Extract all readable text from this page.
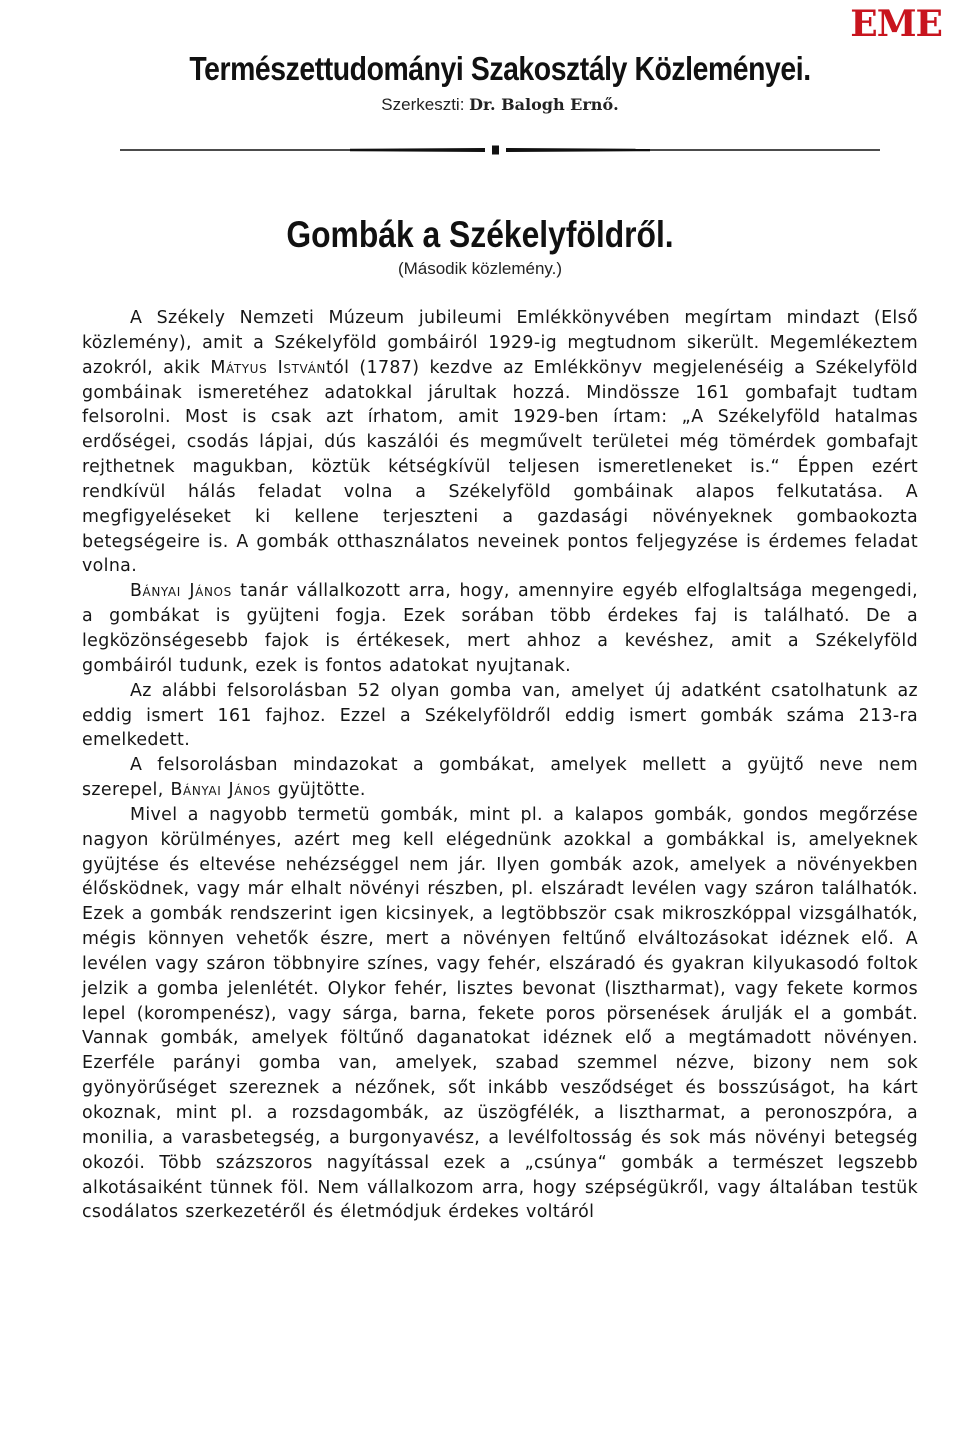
EME
Természettudományi Szakosztály Közleményei.
Szerkeszti: Dr. Balogh Ernő.
Gombák a Székelyföldről.
(Második közlemény.)

A Székely Nemzeti Múzeum jubileumi Emlékkönyvében megírtam mindazt (Első közlemény), amit a Székelyföld gombáiról 1929-ig megtudnom sikerült. Megemlékeztem azokról, akik Mátyus Istvántól (1787) kezdve az Emlékkönyv megjelenéséig a Székelyföld gombáinak ismeretéhez adatokkal járultak hozzá. Mindössze 161 gombafajt tudtam felsorolni. Most is csak azt írhatom, amit 1929-ben írtam: „A Székelyföld hatalmas erdőségei, csodás lápjai, dús kaszálói és megművelt területei még tömérdek gombafajt rejthetnek magukban, köztük kétségkívül teljesen ismeretleneket is.“ Éppen ezért rendkívül hálás feladat volna a Székelyföld gombáinak alapos felkutatása. A megfigyeléseket ki kellene terjeszteni a gazdasági növényeknek gombaokozta betegségeire is. A gombák otthasználatos neveinek pontos feljegyzése is érdemes feladat volna.

Bányai János tanár vállalkozott arra, hogy, amennyire egyéb elfoglaltsága megengedi, a gombákat is gyüjteni fogja. Ezek sorában több érdekes faj is található. De a legközönségesebb fajok is értékesek, mert ahhoz a kevéshez, amit a Székelyföld gombáiról tudunk, ezek is fontos adatokat nyujtanak.

Az alábbi felsorolásban 52 olyan gomba van, amelyet új adatként csatolhatunk az eddig ismert 161 fajhoz. Ezzel a Székelyföldről eddig ismert gombák száma 213-ra emelkedett.

A felsorolásban mindazokat a gombákat, amelyek mellett a gyüjtő neve nem szerepel, Bányai János gyüjtötte.

Mivel a nagyobb termetü gombák, mint pl. a kalapos gombák, gondos megőrzése nagyon körülményes, azért meg kell elégednünk azokkal a gombákkal is, amelyeknek gyüjtése és eltevése nehézséggel nem jár. Ilyen gombák azok, amelyek a növényekben élősködnek, vagy már elhalt növényi részben, pl. elszáradt levélen vagy száron találhatók. Ezek a gombák rendszerint igen kicsinyek, a legtöbbször csak mikroszkóppal vizsgálhatók, mégis könnyen vehetők észre, mert a növényen feltűnő elváltozásokat idéznek elő. A levélen vagy száron többnyire színes, vagy fehér, elszáradó és gyakran kilyukasodó foltok jelzik a gomba jelenlétét. Olykor fehér, lisztes bevonat (lisztharmat), vagy fekete kormos lepel (korompenész), vagy sárga, barna, fekete poros pörsenések árulják el a gombát. Vannak gombák, amelyek föltűnő daganatokat idéznek elő a megtámadott növényen. Ezerféle parányi gomba van, amelyek, szabad szemmel nézve, bizony nem sok gyönyörűséget szereznek a nézőnek, sőt inkább vesződséget és bosszúságot, ha kárt okoznak, mint pl. a rozsdagombák, az üszögfélék, a lisztharmat, a peronoszpóra, a monilia, a varasbetegség, a burgonyavész, a levélfoltosság és sok más növényi betegség okozói. Több százszoros nagyítással ezek a „csúnya“ gombák a természet legszebb alkotásaiként tünnek föl. Nem vállalkozom arra, hogy szépségükről, vagy általában testük csodálatos szerkezetéről és életmódjuk érdekes voltáról
